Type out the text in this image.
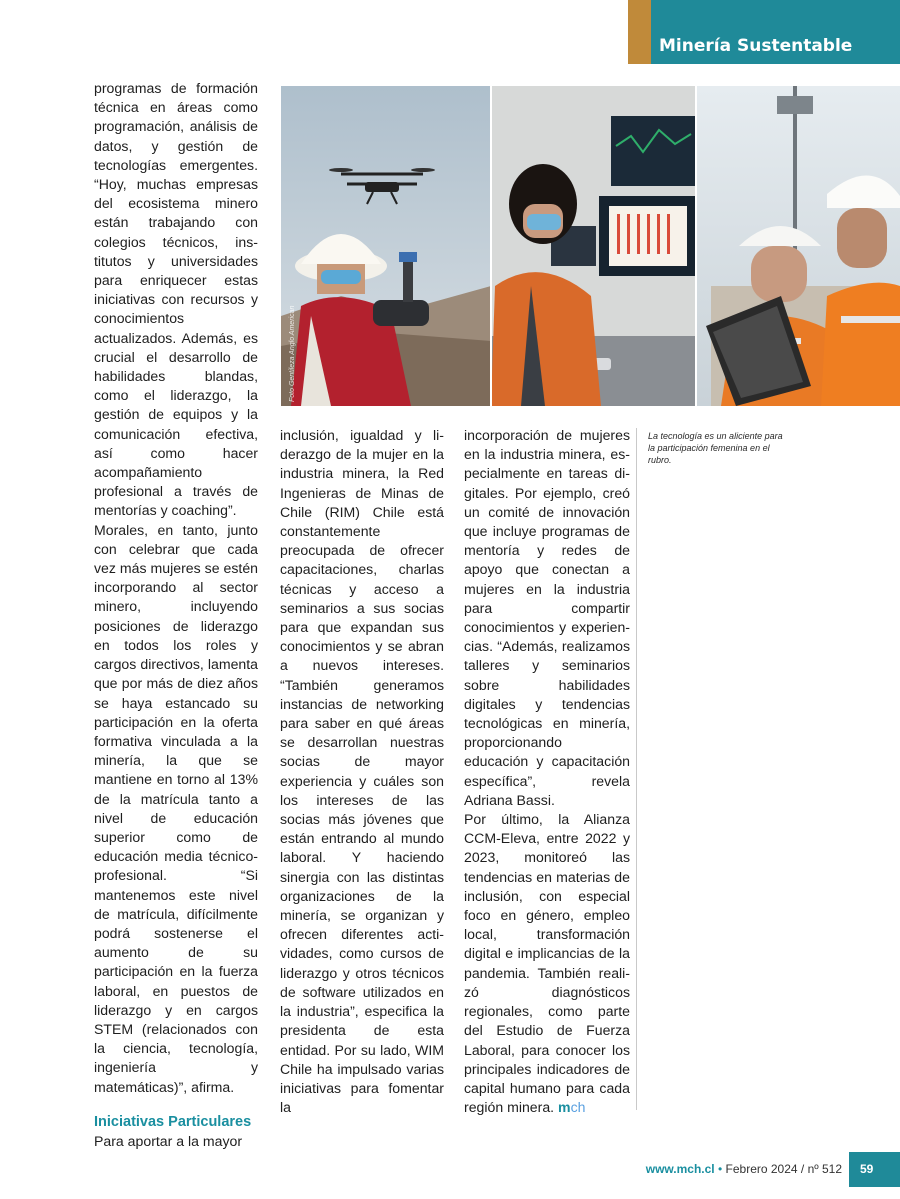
Minería Sustentable
Foto Gentileza Anglo American

programas de formación técnica en áreas como programación, análisis de datos, y gestión de tecnologías emergentes. “Hoy, muchas empresas del ecosistema minero están trabajando con colegios técnicos, institutos y universidades para enriquecer estas iniciativas con recursos y conocimientos actualizados. Además, es crucial el desarrollo de habilidades blandas, como el liderazgo, la gestión de equipos y la comunicación efectiva, así como hacer acompañamiento profesional a través de mentorías y coaching”.

Morales, en tanto, junto con celebrar que cada vez más mujeres se estén incorporando al sector minero, incluyendo posiciones de liderazgo en todos los roles y cargos directivos, lamenta que por más de diez años se haya estancado su participación en la oferta formativa vinculada a la minería, la que se mantiene en torno al 13% de la matrícula tanto a nivel de educación superior como de educación media técnico-profesional. “Si mantenemos este nivel de matrícula, difícilmente podrá sostenerse el aumento de su participación en la fuerza laboral, en puestos de liderazgo y en cargos STEM (relacionados con la ciencia, tecnología, ingeniería y matemáticas)”, afirma.

Iniciativas Particulares

Para aportar a la mayor

inclusión, igualdad y liderazgo de la mujer en la industria minera, la Red Ingenieras de Minas de Chile (RIM) Chile está constantemente preocupada de ofrecer capacitaciones, charlas técnicas y acceso a seminarios a sus socias para que expandan sus conocimientos y se abran a nuevos intereses. “También generamos instancias de networking para saber en qué áreas se desarrollan nuestras socias de mayor experiencia y cuáles son los intereses de las socias más jóvenes que están entrando al mundo laboral. Y haciendo sinergia con las distintas organizaciones de la minería, se organizan y ofrecen diferentes actividades, como cursos de liderazgo y otros técnicos de software utilizados en la industria”, especifica la presidenta de esta entidad. Por su lado, WIM Chile ha impulsado varias iniciativas para fomentar la

incorporación de mujeres en la industria minera, especialmente en tareas digitales. Por ejemplo, creó un comité de innovación que incluye programas de mentoría y redes de apoyo que conectan a mujeres en la industria para compartir conocimientos y experiencias. “Además, realizamos talleres y seminarios sobre habilidades digitales y tendencias tecnológicas en minería, proporcionando educación y capacitación específica”, revela Adriana Bassi.

Por último, la Alianza CCM-Eleva, entre 2022 y 2023, monitoreó las tendencias en materias de inclusión, con especial foco en género, empleo local, transformación digital e implicancias de la pandemia. También realizó diagnósticos regionales, como parte del Estudio de Fuerza Laboral, para conocer los principales indicadores de capital humano para cada región minera. mch

La tecnología es un aliciente para la participación femenina en el rubro.
www.mch.cl • Febrero 2024 / nº 512	59
